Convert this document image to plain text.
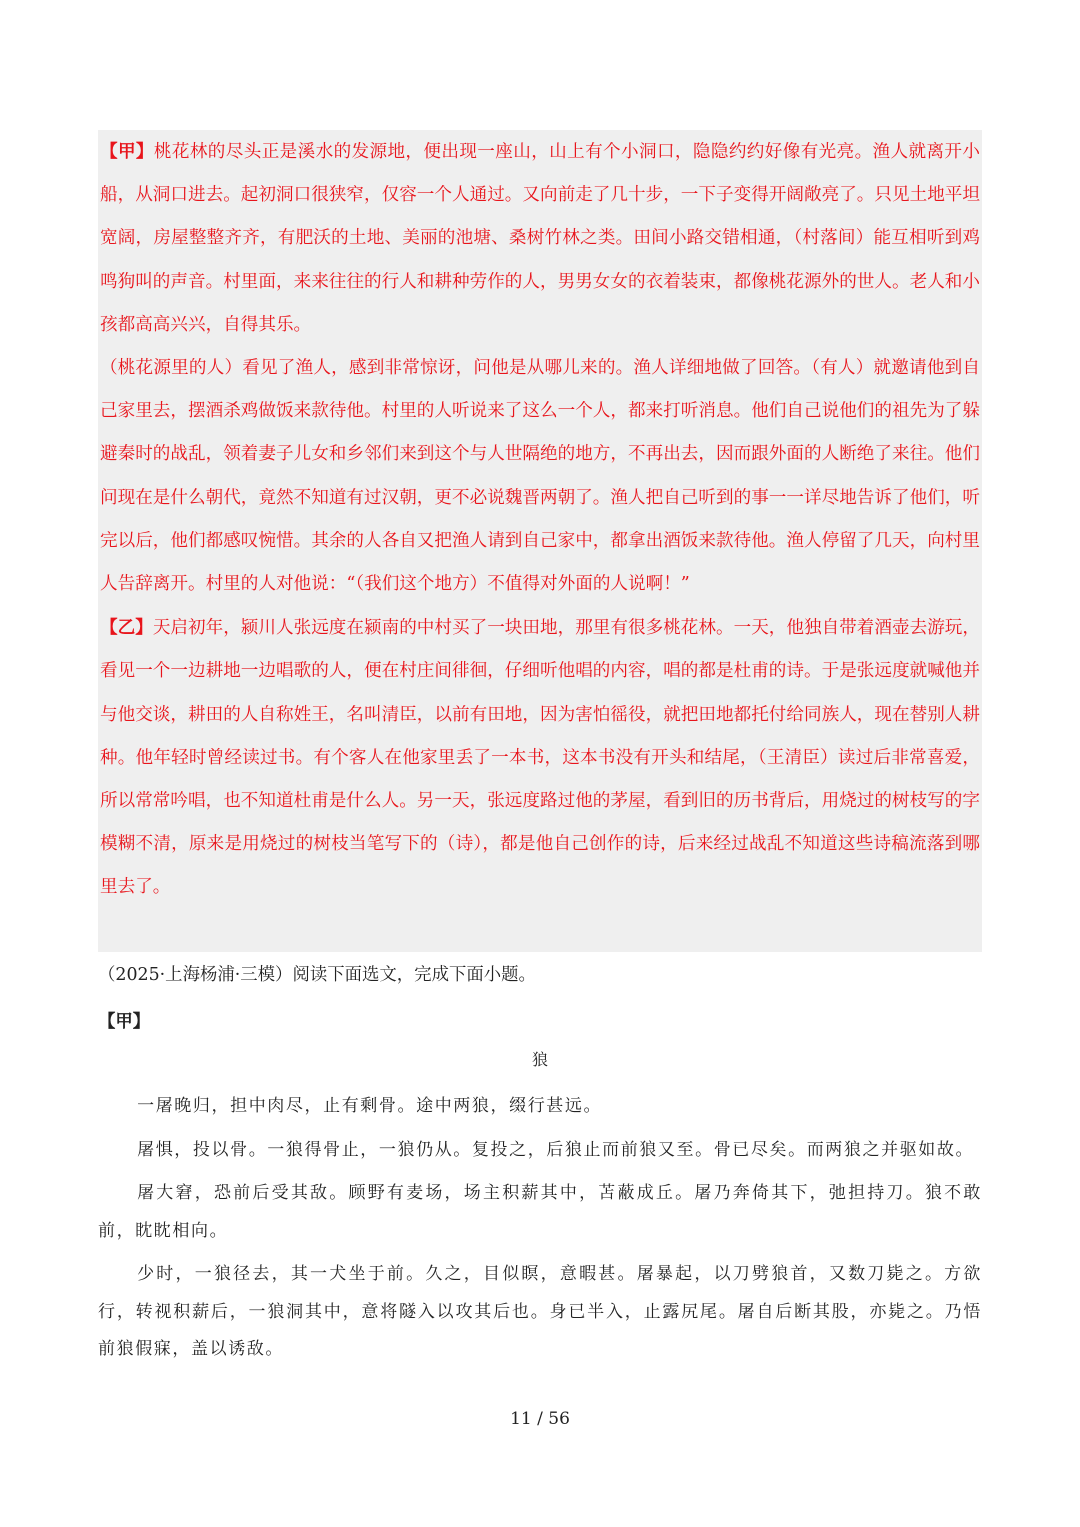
【甲】桃花林的尽头正是溪水的发源地，便出现一座山，山上有个小洞口，隐隐约约好像有光亮。渔人就离开小船，从洞口进去。起初洞口很狭窄，仅容一个人通过。又向前走了几十步，一下子变得开阔敞亮了。只见土地平坦宽阔，房屋整整齐齐，有肥沃的土地、美丽的池塘、桑树竹林之类。田间小路交错相通，（村落间）能互相听到鸡鸣狗叫的声音。村里面，来来往往的行人和耕种劳作的人，男男女女的衣着装束，都像桃花源外的世人。老人和小孩都高高兴兴，自得其乐。

（桃花源里的人）看见了渔人，感到非常惊讶，问他是从哪儿来的。渔人详细地做了回答。（有人）就邀请他到自己家里去，摆酒杀鸡做饭来款待他。村里的人听说来了这么一个人，都来打听消息。他们自己说他们的祖先为了躲避秦时的战乱，领着妻子儿女和乡邻们来到这个与人世隔绝的地方，不再出去，因而跟外面的人断绝了来往。他们问现在是什么朝代，竟然不知道有过汉朝，更不必说魏晋两朝了。渔人把自己听到的事一一详尽地告诉了他们，听完以后，他们都感叹惋惜。其余的人各自又把渔人请到自己家中，都拿出酒饭来款待他。渔人停留了几天，向村里人告辞离开。村里的人对他说：“（我们这个地方）不值得对外面的人说啊！”

【乙】天启初年，颍川人张远度在颍南的中村买了一块田地，那里有很多桃花林。一天，他独自带着酒壶去游玩，看见一个一边耕地一边唱歌的人，便在村庄间徘徊，仔细听他唱的内容，唱的都是杜甫的诗。于是张远度就喊他并与他交谈，耕田的人自称姓王，名叫清臣，以前有田地，因为害怕徭役，就把田地都托付给同族人，现在替别人耕种。他年轻时曾经读过书。有个客人在他家里丢了一本书，这本书没有开头和结尾，（王清臣）读过后非常喜爱，所以常常吟唱，也不知道杜甫是什么人。另一天，张远度路过他的茅屋，看到旧的历书背后，用烧过的树枝写的字模糊不清，原来是用烧过的树枝当笔写下的（诗），都是他自己创作的诗，后来经过战乱不知道这些诗稿流落到哪里去了。

（2025·上海杨浦·三模）阅读下面选文，完成下面小题。
【甲】
狼

一屠晚归，担中肉尽，止有剩骨。途中两狼，缀行甚远。

屠惧，投以骨。一狼得骨止，一狼仍从。复投之，后狼止而前狼又至。骨已尽矣。而两狼之并驱如故。

屠大窘，恐前后受其敌。顾野有麦场，场主积薪其中，苫蔽成丘。屠乃奔倚其下，弛担持刀。狼不敢前，眈眈相向。

少时，一狼径去，其一犬坐于前。久之，目似瞑，意暇甚。屠暴起，以刀劈狼首，又数刀毙之。方欲行，转视积薪后，一狼洞其中，意将隧入以攻其后也。身已半入，止露尻尾。屠自后断其股，亦毙之。乃悟前狼假寐，盖以诱敌。

11 / 56
